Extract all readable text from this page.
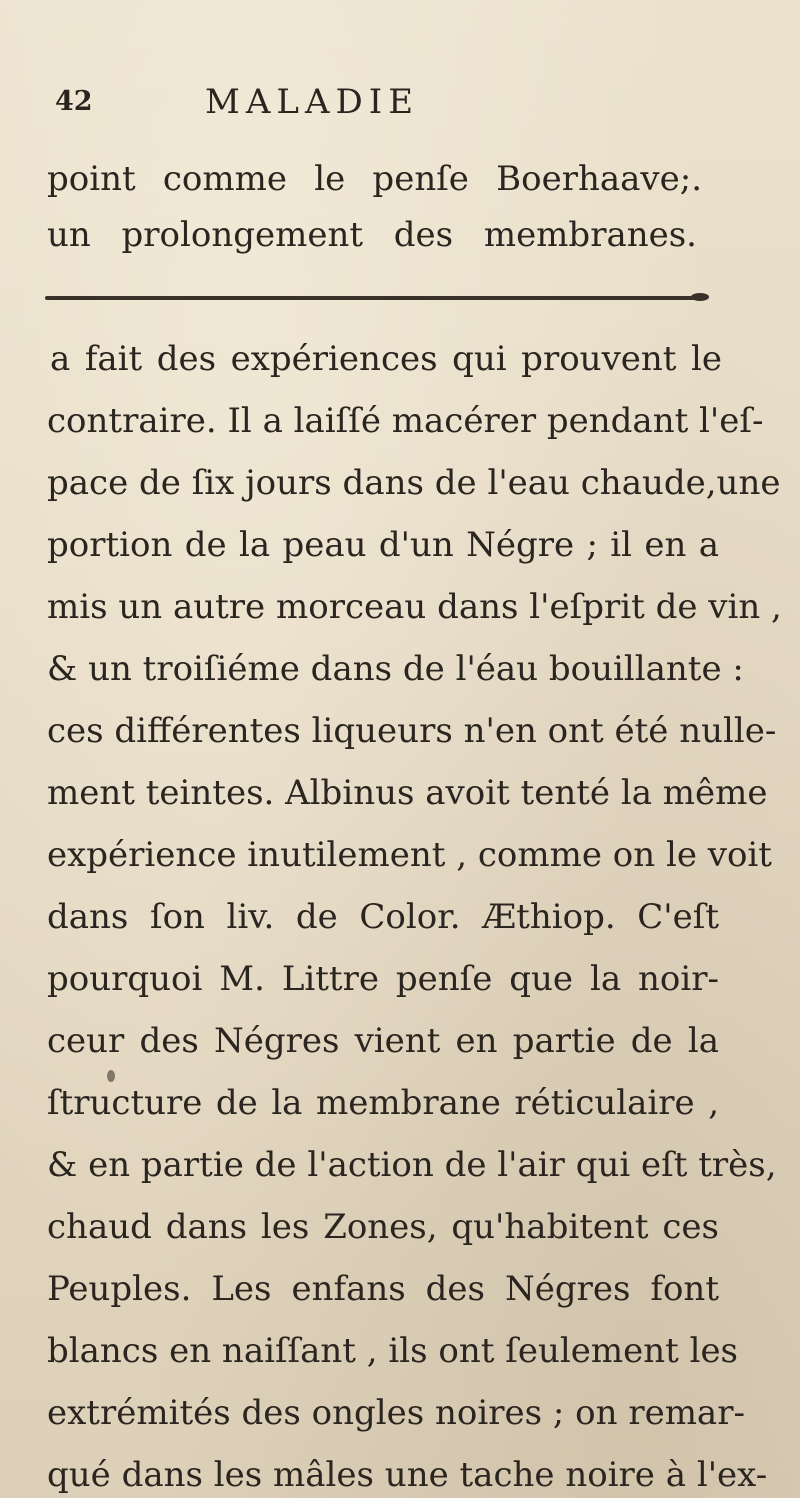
42	MALADIE
point comme le penſe Boerhaave;.
un prolongement des membranes.
a fait des expériences qui prouvent le
contraire. Il a laiſſé macérer pendant l'eſ-
pace de ſix jours dans de l'eau chaude,une
portion de la peau d'un Négre ; il en a
mis un autre morceau dans l'eſprit de vin ,
& un troiſiéme dans de l'éau bouillante :
ces différentes liqueurs n'en ont été nulle-
ment teintes. Albinus avoit tenté la même
expérience inutilement , comme on le voit
dans ſon liv. de Color. Æthiop. C'eſt
pourquoi M. Littre penſe que la noir-
ceur des Négres vient en partie de la
ſtructure de la membrane réticulaire ,
& en partie de l'action de l'air qui eſt très,
chaud dans les Zones, qu'habitent ces
Peuples. Les enfans des Négres font
blancs en naiſſant , ils ont ſeulement les
extrémités des ongles noires ; on remar-
qué dans les mâles une tache noire à l'ex-
